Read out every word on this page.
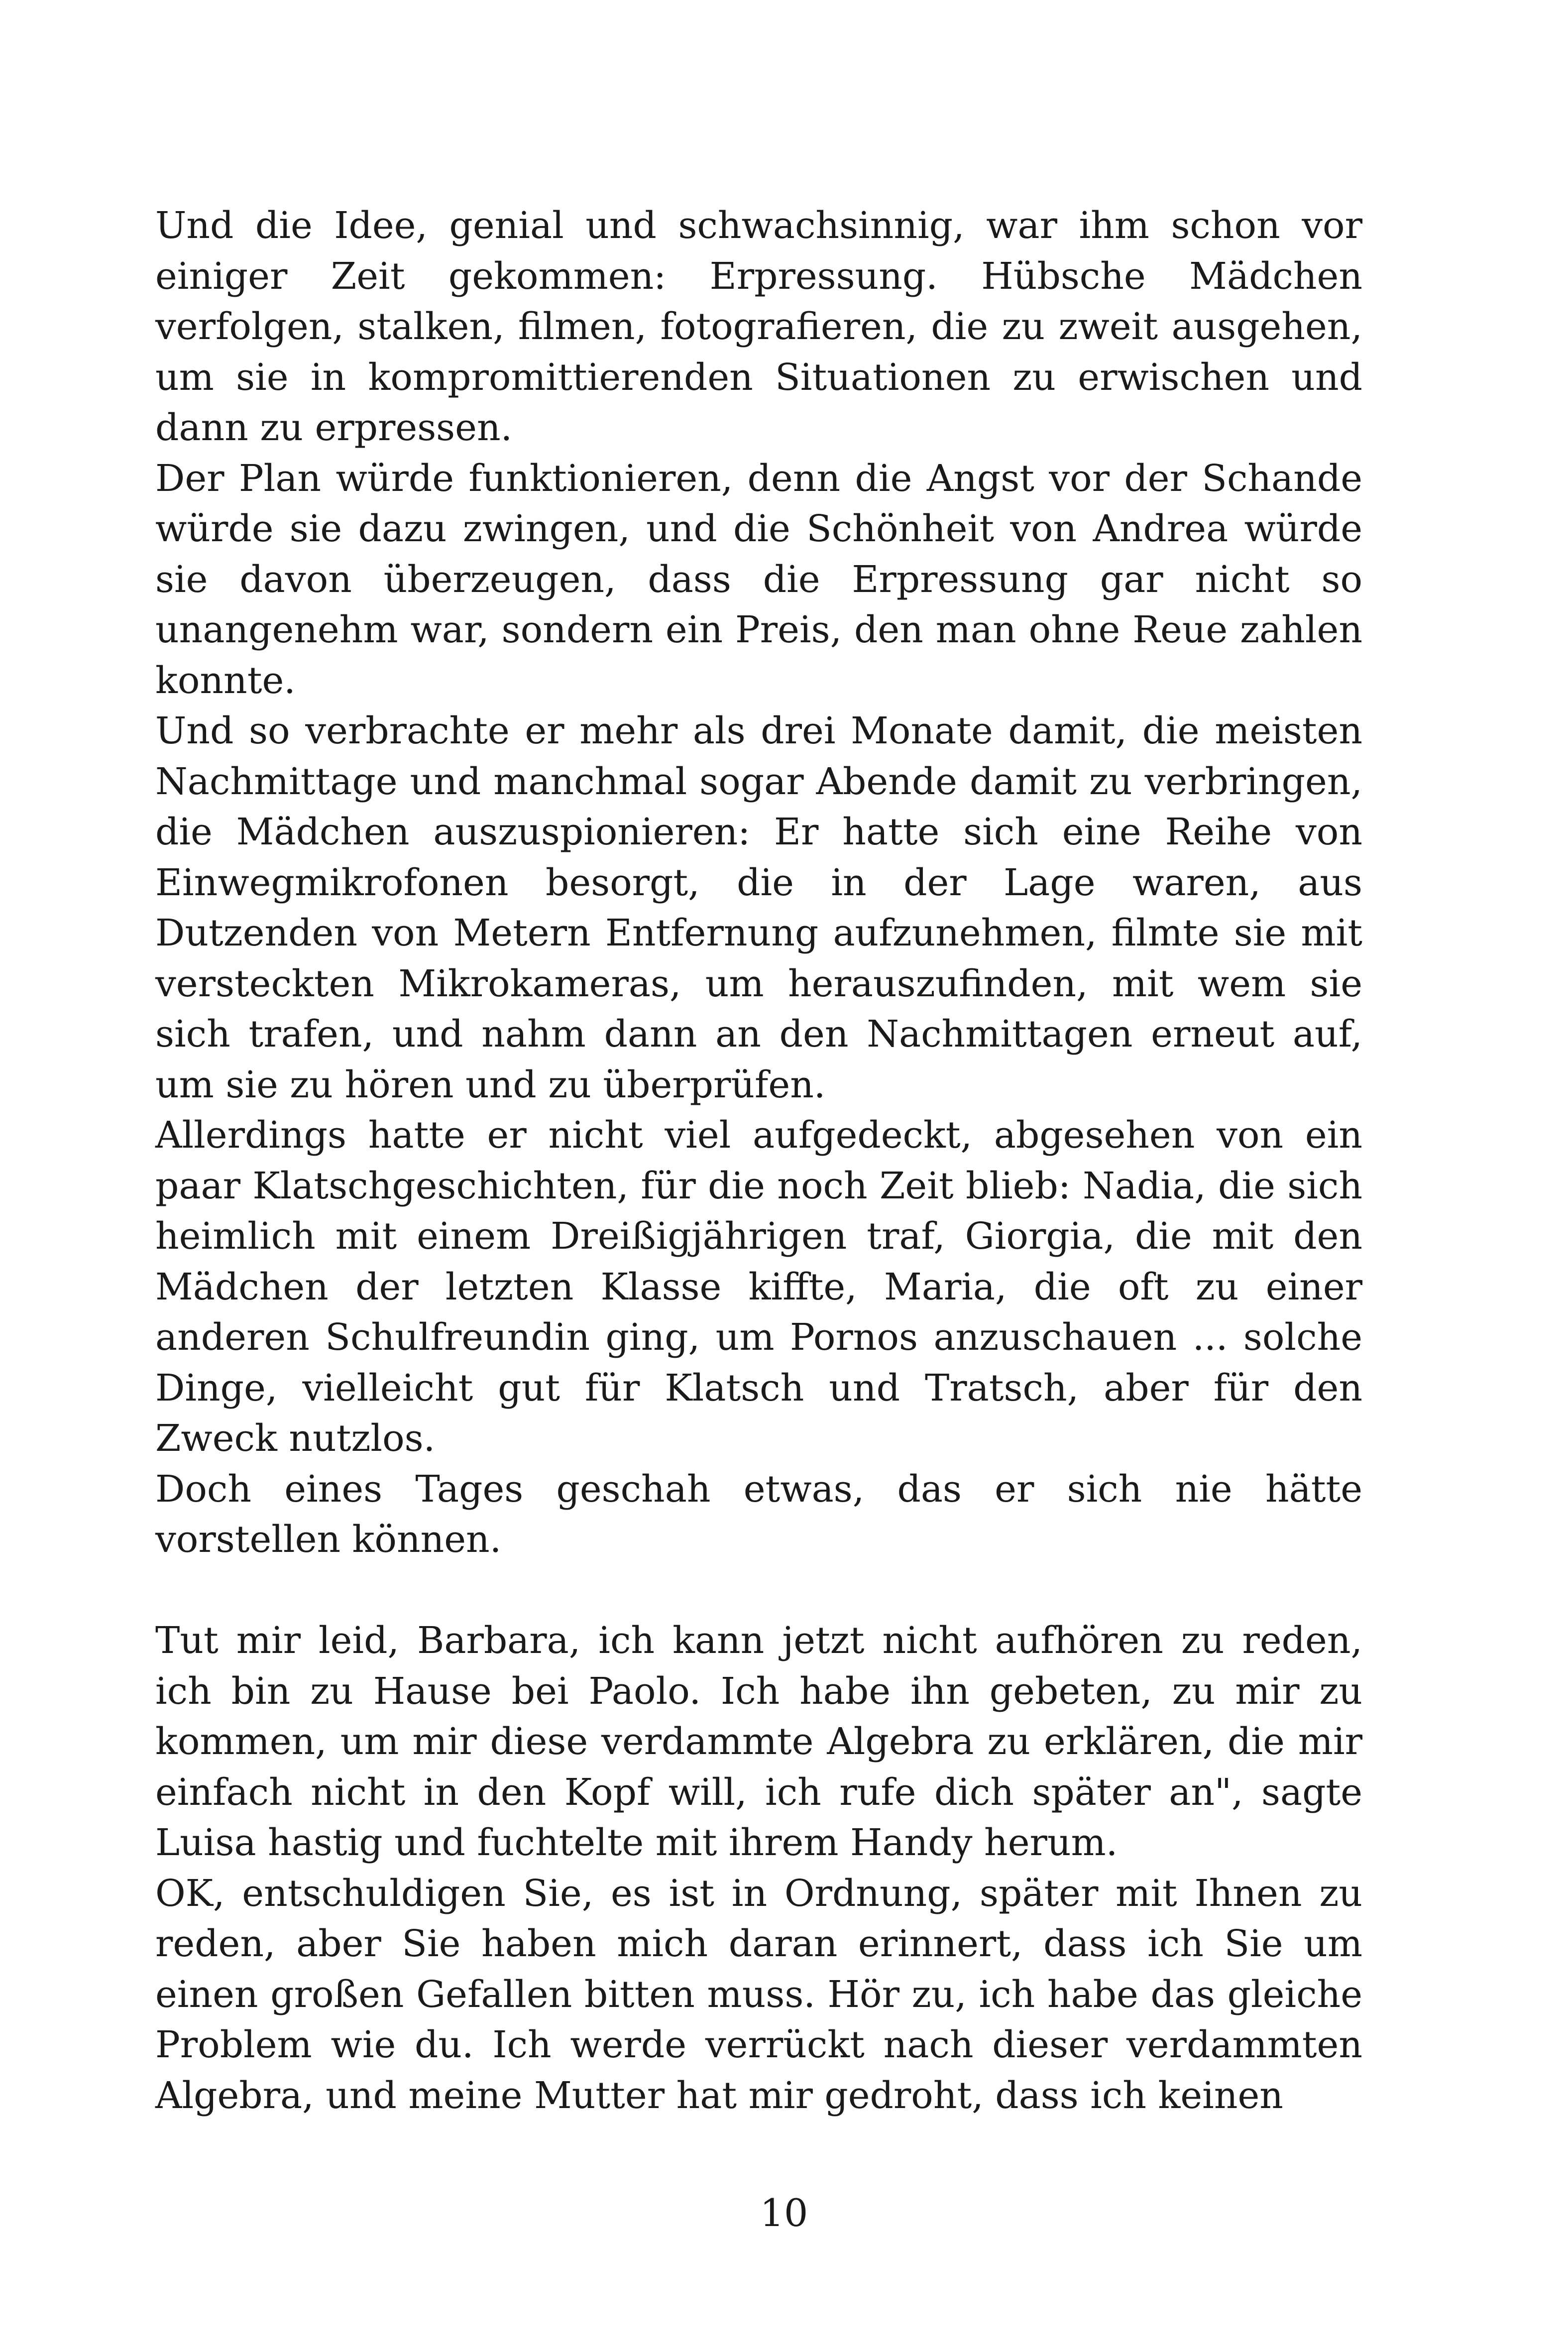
Und die Idee, genial und schwachsinnig, war ihm schon vor einiger Zeit gekommen: Erpressung. Hübsche Mädchen verfolgen, stalken, filmen, fotografieren, die zu zweit ausgehen, um sie in kompromittierenden Situationen zu erwischen und dann zu erpressen.

Der Plan würde funktionieren, denn die Angst vor der Schande würde sie dazu zwingen, und die Schönheit von Andrea würde sie davon überzeugen, dass die Erpressung gar nicht so unangenehm war, sondern ein Preis, den man ohne Reue zahlen konnte.

Und so verbrachte er mehr als drei Monate damit, die meisten Nachmittage und manchmal sogar Abende damit zu verbringen, die Mädchen auszuspionieren: Er hatte sich eine Reihe von Einwegmikrofonen besorgt, die in der Lage waren, aus Dutzenden von Metern Entfernung aufzunehmen, filmte sie mit versteckten Mikrokameras, um herauszufinden, mit wem sie sich trafen, und nahm dann an den Nachmittagen erneut auf, um sie zu hören und zu überprüfen.

Allerdings hatte er nicht viel aufgedeckt, abgesehen von ein paar Klatschgeschichten, für die noch Zeit blieb: Nadia, die sich heimlich mit einem Dreißigjährigen traf, Giorgia, die mit den Mädchen der letzten Klasse kiffte, Maria, die oft zu einer anderen Schulfreundin ging, um Pornos anzuschauen ... solche Dinge, vielleicht gut für Klatsch und Tratsch, aber für den Zweck nutzlos.

Doch eines Tages geschah etwas, das er sich nie hätte vorstellen können.

Tut mir leid, Barbara, ich kann jetzt nicht aufhören zu reden, ich bin zu Hause bei Paolo. Ich habe ihn gebeten, zu mir zu kommen, um mir diese verdammte Algebra zu erklären, die mir einfach nicht in den Kopf will, ich rufe dich später an", sagte Luisa hastig und fuchtelte mit ihrem Handy herum.

OK, entschuldigen Sie, es ist in Ordnung, später mit Ihnen zu reden, aber Sie haben mich daran erinnert, dass ich Sie um einen großen Gefallen bitten muss. Hör zu, ich habe das gleiche Problem wie du. Ich werde verrückt nach dieser verdammten Algebra, und meine Mutter hat mir gedroht, dass ich keinen

10
